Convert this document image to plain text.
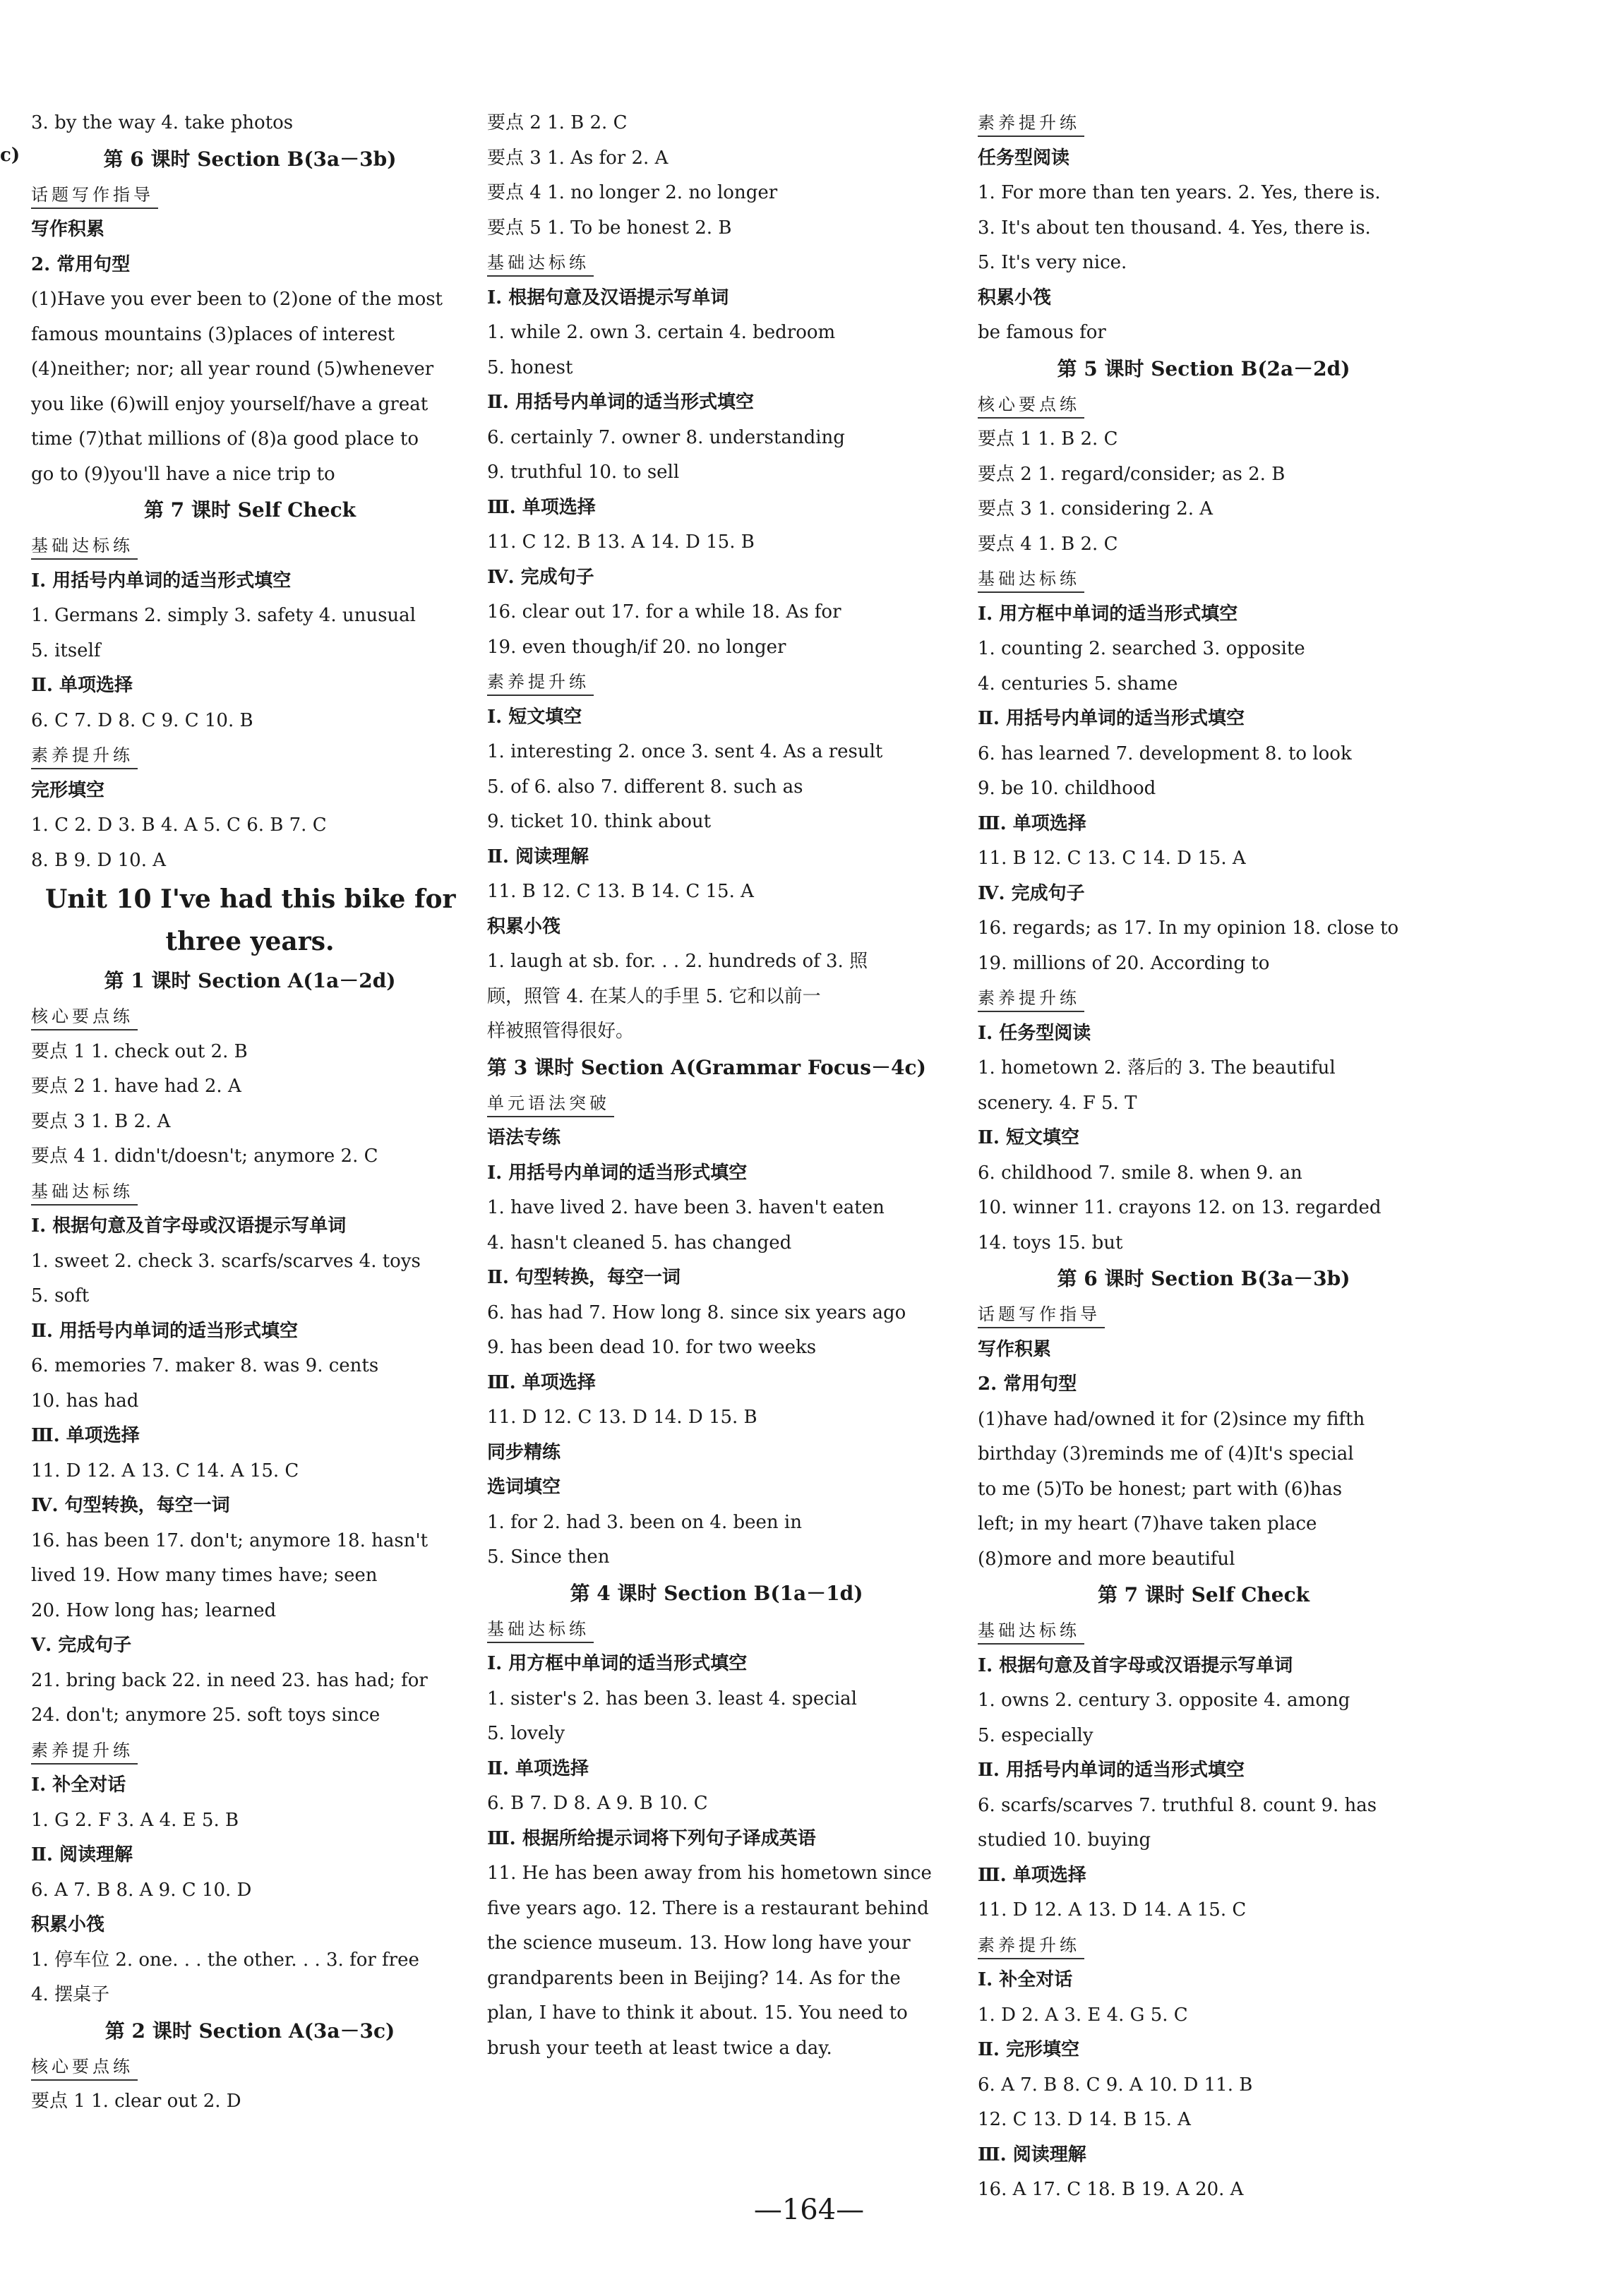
c)
3. by the way 4. take photos
第 6 课时 Section B(3a－3b)
话题写作指导
写作积累
2. 常用句型
(1)Have you ever been to (2)one of the most
famous mountains (3)places of interest
(4)neither; nor; all year round (5)whenever
you like (6)will enjoy yourself/have a great
time (7)that millions of (8)a good place to
go to (9)you'll have a nice trip to
第 7 课时 Self Check
基础达标练
Ⅰ. 用括号内单词的适当形式填空
1. Germans 2. simply 3. safety 4. unusual
5. itself
Ⅱ. 单项选择
6. C 7. D 8. C 9. C 10. B
素养提升练
完形填空
1. C 2. D 3. B 4. A 5. C 6. B 7. C
8. B 9. D 10. A
Unit 10 I've had this bike for
three years.
第 1 课时 Section A(1a－2d)
核心要点练
要点 1 1. check out 2. B
要点 2 1. have had 2. A
要点 3 1. B 2. A
要点 4 1. didn't/doesn't; anymore 2. C
基础达标练
Ⅰ. 根据句意及首字母或汉语提示写单词
1. sweet 2. check 3. scarfs/scarves 4. toys
5. soft
Ⅱ. 用括号内单词的适当形式填空
6. memories 7. maker 8. was 9. cents
10. has had
Ⅲ. 单项选择
11. D 12. A 13. C 14. A 15. C
Ⅳ. 句型转换，每空一词
16. has been 17. don't; anymore 18. hasn't
lived 19. How many times have; seen
20. How long has; learned
Ⅴ. 完成句子
21. bring back 22. in need 23. has had; for
24. don't; anymore 25. soft toys since
素养提升练
Ⅰ. 补全对话
1. G 2. F 3. A 4. E 5. B
Ⅱ. 阅读理解
6. A 7. B 8. A 9. C 10. D
积累小筏
1. 停车位 2. one. . . the other. . . 3. for free
4. 摆桌子
第 2 课时 Section A(3a－3c)
核心要点练
要点 1 1. clear out 2. D
要点 2 1. B 2. C
要点 3 1. As for 2. A
要点 4 1. no longer 2. no longer
要点 5 1. To be honest 2. B
基础达标练
Ⅰ. 根据句意及汉语提示写单词
1. while 2. own 3. certain 4. bedroom
5. honest
Ⅱ. 用括号内单词的适当形式填空
6. certainly 7. owner 8. understanding
9. truthful 10. to sell
Ⅲ. 单项选择
11. C 12. B 13. A 14. D 15. B
Ⅳ. 完成句子
16. clear out 17. for a while 18. As for
19. even though/if 20. no longer
素养提升练
Ⅰ. 短文填空
1. interesting 2. once 3. sent 4. As a result
5. of 6. also 7. different 8. such as
9. ticket 10. think about
Ⅱ. 阅读理解
11. B 12. C 13. B 14. C 15. A
积累小筏
1. laugh at sb. for. . . 2. hundreds of 3. 照
顾，照管 4. 在某人的手里 5. 它和以前一
样被照管得很好。
第 3 课时 Section A(Grammar Focus－4c)
单元语法突破
语法专练
Ⅰ. 用括号内单词的适当形式填空
1. have lived 2. have been 3. haven't eaten
4. hasn't cleaned 5. has changed
Ⅱ. 句型转换，每空一词
6. has had 7. How long 8. since six years ago
9. has been dead 10. for two weeks
Ⅲ. 单项选择
11. D 12. C 13. D 14. D 15. B
同步精练
选词填空
1. for 2. had 3. been on 4. been in
5. Since then
第 4 课时 Section B(1a－1d)
基础达标练
Ⅰ. 用方框中单词的适当形式填空
1. sister's 2. has been 3. least 4. special
5. lovely
Ⅱ. 单项选择
6. B 7. D 8. A 9. B 10. C
Ⅲ. 根据所给提示词将下列句子译成英语
11. He has been away from his hometown since
five years ago. 12. There is a restaurant behind
the science museum. 13. How long have your
grandparents been in Beijing? 14. As for the
plan, I have to think it about. 15. You need to
brush your teeth at least twice a day.
素养提升练
任务型阅读
1. For more than ten years. 2. Yes, there is.
3. It's about ten thousand. 4. Yes, there is.
5. It's very nice.
积累小筏
be famous for
第 5 课时 Section B(2a－2d)
核心要点练
要点 1 1. B 2. C
要点 2 1. regard/consider; as 2. B
要点 3 1. considering 2. A
要点 4 1. B 2. C
基础达标练
Ⅰ. 用方框中单词的适当形式填空
1. counting 2. searched 3. opposite
4. centuries 5. shame
Ⅱ. 用括号内单词的适当形式填空
6. has learned 7. development 8. to look
9. be 10. childhood
Ⅲ. 单项选择
11. B 12. C 13. C 14. D 15. A
Ⅳ. 完成句子
16. regards; as 17. In my opinion 18. close to
19. millions of 20. According to
素养提升练
Ⅰ. 任务型阅读
1. hometown 2. 落后的 3. The beautiful
scenery. 4. F 5. T
Ⅱ. 短文填空
6. childhood 7. smile 8. when 9. an
10. winner 11. crayons 12. on 13. regarded
14. toys 15. but
第 6 课时 Section B(3a－3b)
话题写作指导
写作积累
2. 常用句型
(1)have had/owned it for (2)since my fifth
birthday (3)reminds me of (4)It's special
to me (5)To be honest; part with (6)has
left; in my heart (7)have taken place
(8)more and more beautiful
第 7 课时 Self Check
基础达标练
Ⅰ. 根据句意及首字母或汉语提示写单词
1. owns 2. century 3. opposite 4. among
5. especially
Ⅱ. 用括号内单词的适当形式填空
6. scarfs/scarves 7. truthful 8. count 9. has
studied 10. buying
Ⅲ. 单项选择
11. D 12. A 13. D 14. A 15. C
素养提升练
Ⅰ. 补全对话
1. D 2. A 3. E 4. G 5. C
Ⅱ. 完形填空
6. A 7. B 8. C 9. A 10. D 11. B
12. C 13. D 14. B 15. A
Ⅲ. 阅读理解
16. A 17. C 18. B 19. A 20. A
—164—
